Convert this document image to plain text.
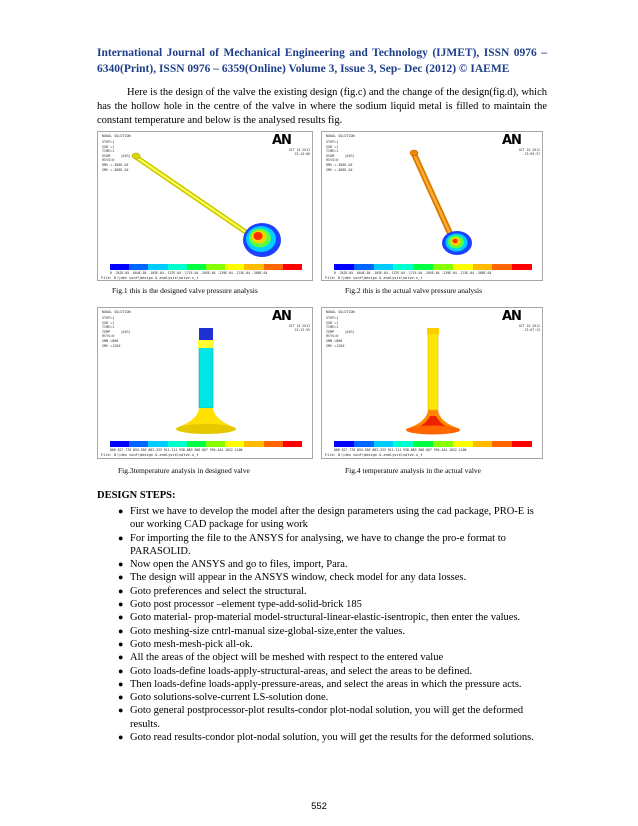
International Journal of Mechanical Engineering and Technology (IJMET), ISSN 0976 – 6340(Print), ISSN 0976 – 6359(Online) Volume 3, Issue 3, Sep- Dec (2012) © IAEME
Here is the design of the valve the existing design (fig.c) and the change of the design(fig.d), which has the hollow hole in the centre of the valve in where the sodium liquid metal is filled to maintain the constant temperature and below is the analysed results fig.
NODAL SOLUTION
STEP=1
SUB =1
TIME=1
USUM     (AVG)
RSYS=0
DMX =.308E-04
SMX =.308E-04
AN
OCT 16 2012
23:16:06
0 .342E-05 .684E-05 .103E-04 .137E-04 .171E-04 .205E-04 .239E-04 .274E-04 .308E-04
File: D:\des conf\design & analysis\valve.x_t
NODAL SOLUTION
STEP=1
SUB =1
TIME=1
USUM     (AVG)
RSYS=0
DMX =.308E-04
SMX =.308E-04
AN
OCT 16 2012
23:05:37
0 .342E-05 .684E-05 .103E-04 .137E-04 .171E-04 .205E-04 .239E-04 .274E-04 .308E-04
File: D:\des conf\design & analysis\valve.x_t
Fig.1 this is the designed valve pressure analysis	Fig.2 this is the actual valve pressure analysis
NODAL SOLUTION
STEP=1
SUB =1
TIME=1
TEMP     (AVG)
RSYS=0
SMN =800
SMX =1200
AN
OCT 16 2012
23:13:55
800 827.778 855.556 883.333 911.111 938.889 966.667 994.444 1022 1200
File: D:\des conf\design & analysis\valve.x_t
NODAL SOLUTION
STEP=1
SUB =1
TIME=1
TEMP     (AVG)
RSYS=0
SMN =800
SMX =1200
AN
OCT 16 2012
23:07:13
800 827.778 855.556 883.333 911.111 938.889 966.667 994.444 1022 1200
File: D:\des conf\design & analysis\valve.x_t
Fig.3temperature analysis in designed valve	Fig.4 temperature analysis in the actual valve
DESIGN STEPS:
● First we have to develop the model after the design parameters using the cad package, PRO-E is our working CAD package for using work
● For importing the file to the ANSYS for analysing, we have to change the pro-e format to PARASOLID.
● Now open the ANSYS and go to files, import, Para.
● The design will appear in the ANSYS window, check model for any data losses.
● Goto preferences and select the structural.
● Goto post processor –element type-add-solid-brick 185
● Goto material- prop-material model-structural-linear-elastic-isentropic, then enter the values.
● Goto meshing-size cntrl-manual size-global-size,enter the values.
● Goto mesh-mesh-pick all-ok.
● All the areas of the object will be meshed with respect to the entered value
● Goto loads-define loads-apply-structural-areas, and select the areas to be defined.
● Then loads-define loads-apply-pressure-areas, and select the areas in which the pressure acts.
● Goto solutions-solve-current LS-solution done.
● Goto general postprocessor-plot results-condor plot-nodal solution, you will get the deformed results.
● Goto read results-condor plot-nodal solution, you will get the results for the deformed solutions.
552
